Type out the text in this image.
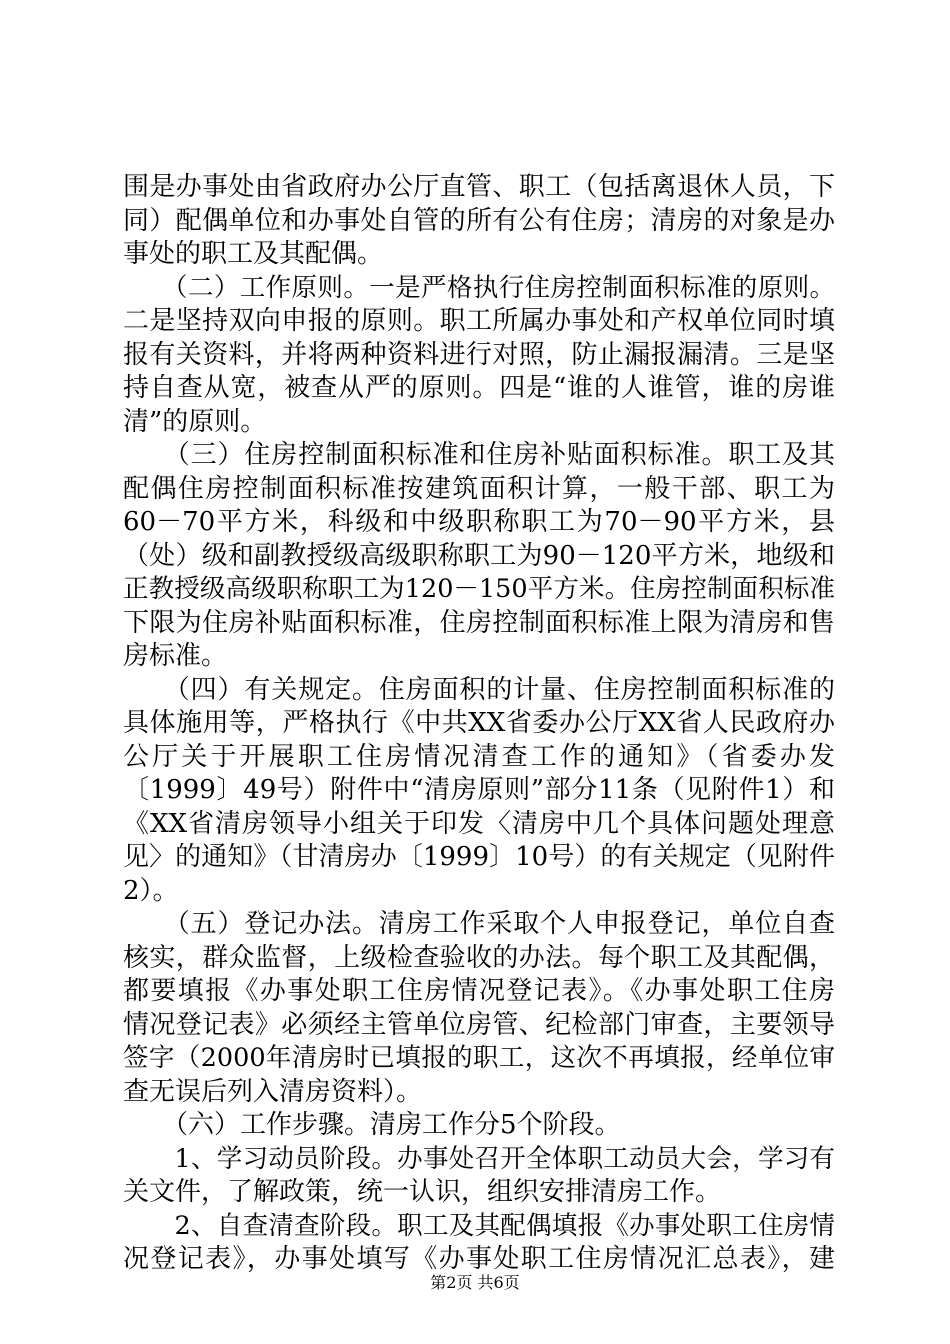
围是办事处由省政府办公厅直管、职工（包括离退休人员，下
同）配偶单位和办事处自管的所有公有住房；清房的对象是办
事处的职工及其配偶。
　　（二）工作原则。一是严格执行住房控制面积标准的原则。
二是坚持双向申报的原则。职工所属办事处和产权单位同时填
报有关资料，并将两种资料进行对照，防止漏报漏清。三是坚
持自查从宽，被查从严的原则。四是“谁的人谁管，谁的房谁
清”的原则。
　　（三）住房控制面积标准和住房补贴面积标准。职工及其
配偶住房控制面积标准按建筑面积计算，一般干部、职工为
60－70平方米，科级和中级职称职工为70－90平方米，县
（处）级和副教授级高级职称职工为90－120平方米，地级和
正教授级高级职称职工为120－150平方米。住房控制面积标准
下限为住房补贴面积标准，住房控制面积标准上限为清房和售
房标准。
　　（四）有关规定。住房面积的计量、住房控制面积标准的
具体施用等，严格执行《中共XX省委办公厅XX省人民政府办
公厅关于开展职工住房情况清查工作的通知》（省委办发
〔1999〕49号）附件中“清房原则”部分11条（见附件1）和
《XX省清房领导小组关于印发〈清房中几个具体问题处理意
见〉的通知》（甘清房办〔1999〕10号）的有关规定（见附件
2）。
　　（五）登记办法。清房工作采取个人申报登记，单位自查
核实，群众监督，上级检查验收的办法。每个职工及其配偶，
都要填报《办事处职工住房情况登记表》。《办事处职工住房
情况登记表》必须经主管单位房管、纪检部门审查，主要领导
签字（2000年清房时已填报的职工，这次不再填报，经单位审
查无误后列入清房资料）。
　　（六）工作步骤。清房工作分5个阶段。
　　1、学习动员阶段。办事处召开全体职工动员大会，学习有
关文件，了解政策，统一认识，组织安排清房工作。
　　2、自查清查阶段。职工及其配偶填报《办事处职工住房情
况登记表》，办事处填写《办事处职工住房情况汇总表》，建
第2页 共6页
